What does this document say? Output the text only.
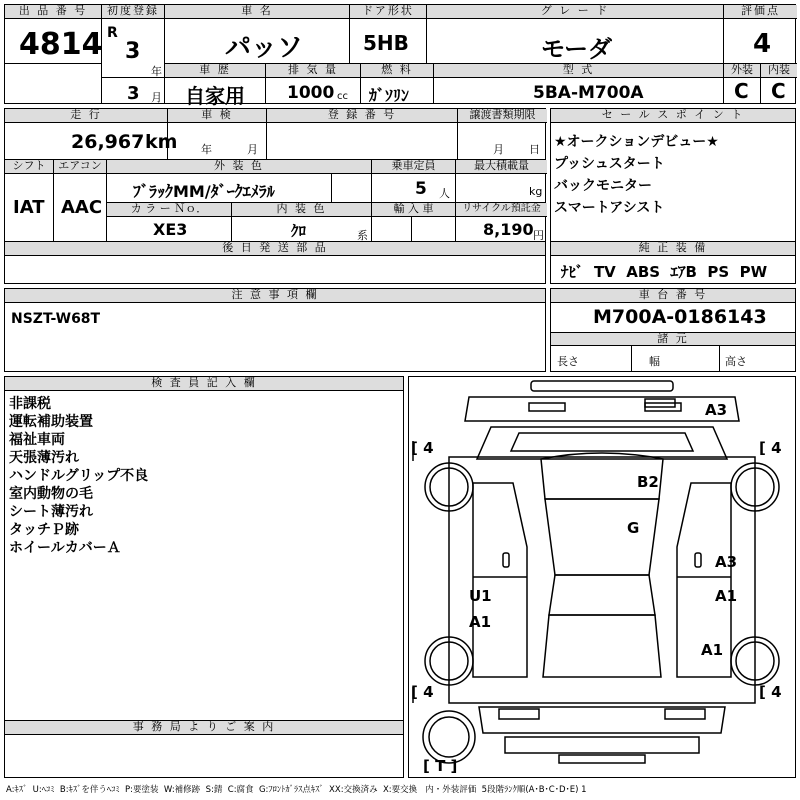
出 品 番 号
4814
初度登録
R
3
年
3 月
車 名
パッソ
ドア形状
5HB
グ レ ー ド
モーダ
評価点
4
外装	内装
C C
車 歴
自家用
排 気 量
1000 cc
燃 料
ｶﾞｿﾘﾝ
型 式
5BA-M700A
走 行
26,967 km
車 検
年	月
登 録 番 号	譲渡書類期限
月 日
シフト
IAT
エアコン
AAC
外 装 色
ﾌﾞﾗｯｸMM/ﾀﾞｰｸｴﾒﾗﾙ
乗車定員
5 人
最大積載量
kg
カ ラ ー Ｎｏ．
XE3
内 装 色
ｸﾛ	系
輸 入 車	リサイクル預託金
8,190 円
後 日 発 送 部 品
セ ー ル ス ポ イ ン ト
★オークションデビュー★
プッシュスタート
バックモニター
スマートアシスト
純 正 装 備
ﾅﾋﾞ  TV  ABS  ｴｱB  PS  PW
注 意 事 項 欄
NSZT-W68T
車 台 番 号
M700A-0186143
諸 元
長さ	幅	高さ
検 査 員 記 入 欄
非課税
運転補助装置
福祉車両
天張薄汚れ
ハンドルグリップ不良
室内動物の毛
シート薄汚れ
タッチＰ跡
ホイールカバーＡ
事 務 局 よ り ご 案 内
[ 4	[ 4
[ 4	[ 4
[ T ]
A3
B2
G
A3
U1
A1
A1
A1
A:ｷｽﾞ  U:ﾍｺﾐ  B:ｷｽﾞを伴うﾍｺﾐ  P:要塗装  W:補修跡  S:錆  C:腐食  G:ﾌﾛﾝﾄｶﾞﾗｽ点ｷｽﾞ  XX:交換済み  X:要交換   内・外装評価  5段階ﾗﾝｸ順(A･B･C･D･E) 1
